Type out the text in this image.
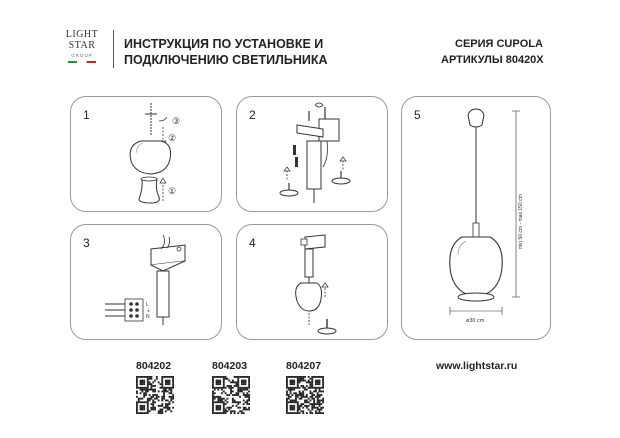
LIGHT
STAR
GROUP
ИНСТРУКЦИЯ ПО УСТАНОВКЕ И
ПОДКЛЮЧЕНИЮ СВЕТИЛЬНИКА
СЕРИЯ CUPOLA
АРТИКУЛЫ 80420X
1	③
②
①
2
3
L
⏚
N
4
5
min 50 cm - max 150 cm
ø30 cm
804202	804203	804207	www.lightstar.ru
